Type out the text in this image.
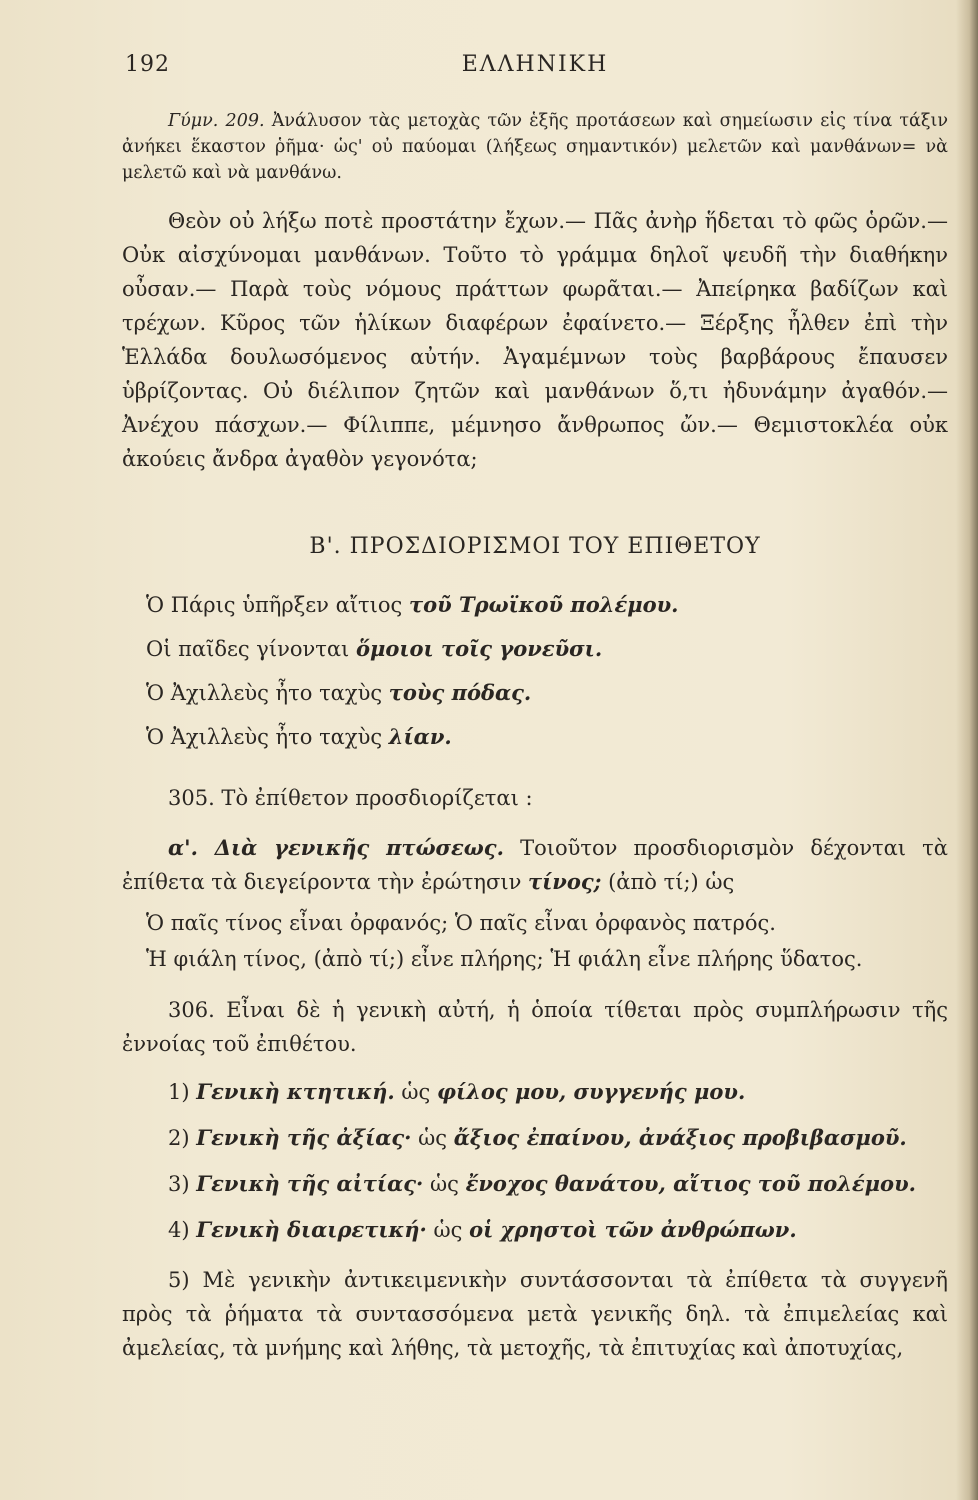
192	ΕΛΛΗΝΙΚΗ

Γύμν. 209. Ἀνάλυσον τὰς μετοχὰς τῶν ἑξῆς προτάσεων καὶ σημείωσιν εἰς τίνα τάξιν ἀνήκει ἕκαστον ῥῆμα· ὡς' οὐ παύομαι (λήξεως σημαντικόν) μελετῶν καὶ μανθάνων= νὰ μελετῶ καὶ νὰ μανθάνω.

Θεὸν οὐ λήξω ποτὲ προστάτην ἔχων.— Πᾶς ἀνὴρ ἥδεται τὸ φῶς ὁρῶν.— Οὐκ αἰσχύνομαι μανθάνων. Τοῦτο τὸ γράμμα δηλοῖ ψευδῆ τὴν διαθήκην οὖσαν.— Παρὰ τοὺς νόμους πράττων φωρᾶται.— Ἀπείρηκα βαδίζων καὶ τρέχων. Κῦρος τῶν ἡλίκων διαφέρων ἐφαίνετο.— Ξέρξης ἦλθεν ἐπὶ τὴν Ἑλλάδα δουλωσόμενος αὐτήν. Ἀγαμέμνων τοὺς βαρβάρους ἔπαυσεν ὑβρίζοντας. Οὐ διέλιπον ζητῶν καὶ μανθάνων ὅ,τι ἠδυνάμην ἀγαθόν.— Ἀνέχου πάσχων.— Φίλιππε, μέμνησο ἄνθρωπος ὤν.— Θεμιστοκλέα οὐκ ἀκούεις ἄνδρα ἀγαθὸν γεγονότα;

Β'. ΠΡΟΣΔΙΟΡΙΣΜΟΙ ΤΟΥ ΕΠΙΘΕΤΟΥ
Ὁ Πάρις ὑπῆρξεν αἴτιος τοῦ Τρωϊκοῦ πολέμου.
Οἱ παῖδες γίνονται ὅμοιοι τοῖς γονεῦσι.
Ὁ Ἀχιλλεὺς ἦτο ταχὺς τοὺς πόδας.
Ὁ Ἀχιλλεὺς ἦτο ταχὺς λίαν.

305. Τὸ ἐπίθετον προσδιορίζεται :

α'. Διὰ γενικῆς πτώσεως. Τοιοῦτον προσδιορισμὸν δέχονται τὰ ἐπίθετα τὰ διεγείροντα τὴν ἐρώτησιν τίνος; (ἀπὸ τί;) ὡς

Ὁ παῖς τίνος εἶναι ὀρφανός; Ὁ παῖς εἶναι ὀρφανὸς πατρός.
Ἡ φιάλη τίνος, (ἀπὸ τί;) εἶνε πλήρης; Ἡ φιάλη εἶνε πλήρης ὕδατος.

306. Εἶναι δὲ ἡ γενικὴ αὐτή, ἡ ὁποία τίθεται πρὸς συμπλήρωσιν τῆς ἐννοίας τοῦ ἐπιθέτου.

1) Γενικὴ κτητική. ὡς φίλος μου, συγγενής μου.
2) Γενικὴ τῆς ἀξίας· ὡς ἄξιος ἐπαίνου, ἀνάξιος προβιβασμοῦ.
3) Γενικὴ τῆς αἰτίας· ὡς ἔνοχος θανάτου, αἴτιος τοῦ πολέμου.
4) Γενικὴ διαιρετική· ὡς οἱ χρηστοὶ τῶν ἀνθρώπων.

5) Μὲ γενικὴν ἀντικειμενικὴν συντάσσονται τὰ ἐπίθετα τὰ συγγενῆ πρὸς τὰ ῥήματα τὰ συντασσόμενα μετὰ γενικῆς δηλ. τὰ ἐπιμελείας καὶ ἀμελείας, τὰ μνήμης καὶ λήθης, τὰ μετοχῆς, τὰ ἐπιτυχίας καὶ ἀποτυχίας,
